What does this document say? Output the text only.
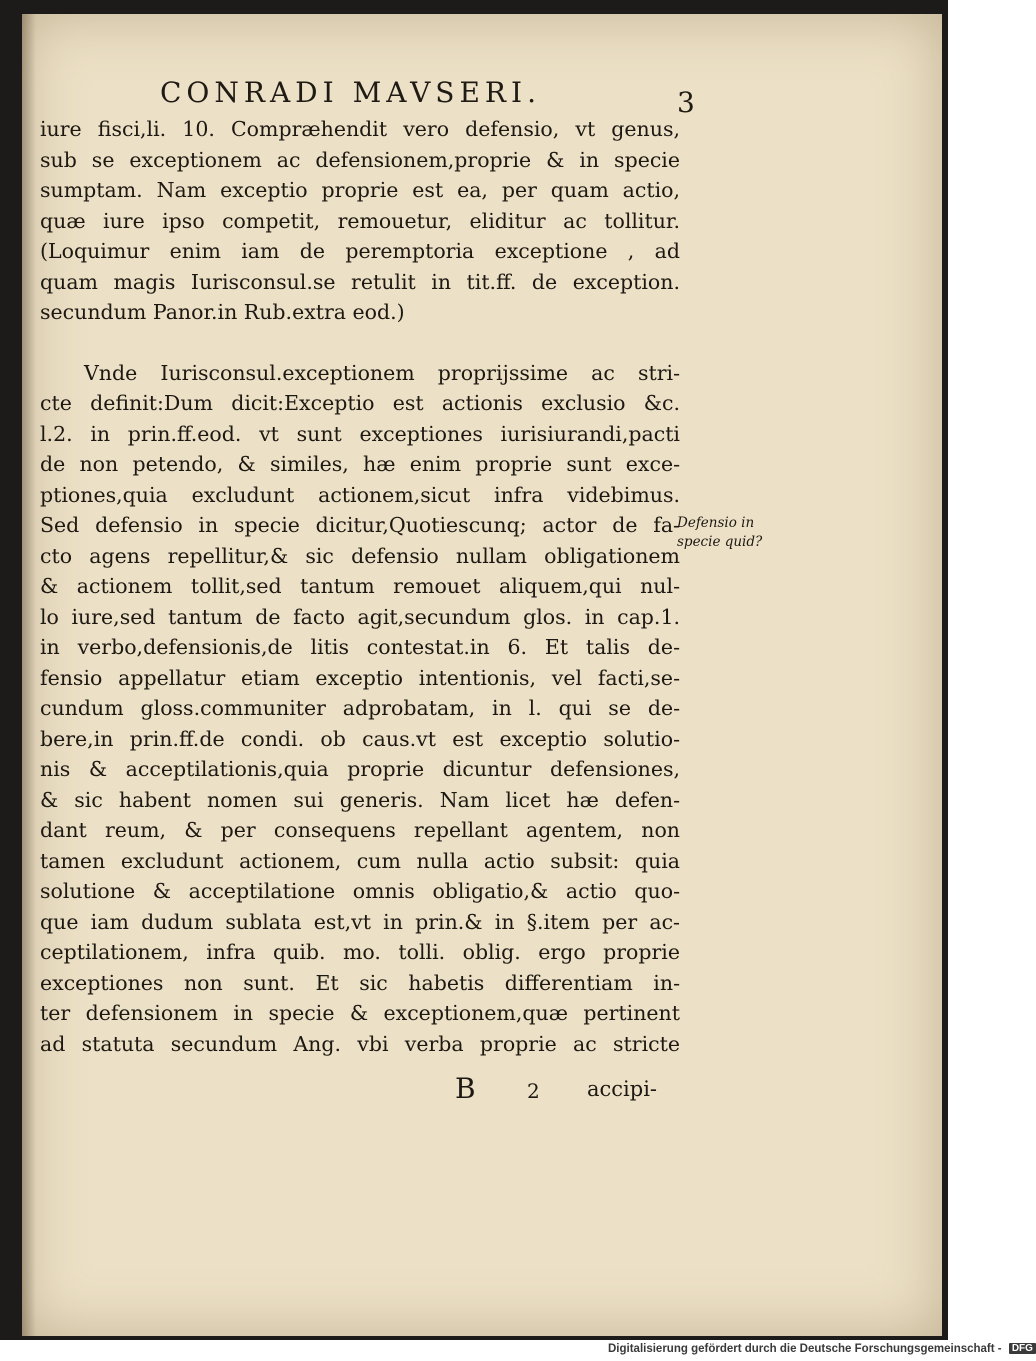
CONRADI MAVSERI.	3
iure fisci,li. 10. Compræhendit vero defensio, vt genus,
sub se exceptionem ac defensionem,proprie & in specie
sumptam. Nam exceptio proprie est ea, per quam actio,
quæ iure ipso competit, remouetur, eliditur ac tollitur.
(Loquimur enim iam de peremptoria exceptione , ad
quam magis Iurisconsul.se retulit in tit.ff. de exception.
secundum Panor.in Rub.extra eod.)
Vnde Iurisconsul.exceptionem proprijssime ac stri-
cte definit:Dum dicit:Exceptio est actionis exclusio &c.
l.2. in prin.ff.eod. vt sunt exceptiones iurisiurandi,pacti
de non petendo, & similes, hæ enim proprie sunt exce-
ptiones,quia excludunt actionem,sicut infra videbimus.
Sed defensio in specie dicitur,Quotiescunq; actor de fa-
cto agens repellitur,& sic defensio nullam obligationem
& actionem tollit,sed tantum remouet aliquem,qui nul-
lo iure,sed tantum de facto agit,secundum glos. in cap.1.
in verbo,defensionis,de litis contestat.in 6. Et talis de-
fensio appellatur etiam exceptio intentionis, vel facti,se-
cundum gloss.communiter adprobatam, in l. qui se de-
bere,in prin.ff.de condi. ob caus.vt est exceptio solutio-
nis & acceptilationis,quia proprie dicuntur defensiones,
& sic habent nomen sui generis. Nam licet hæ defen-
dant reum, & per consequens repellant agentem, non
tamen excludunt actionem, cum nulla actio subsit: quia
solutione & acceptilatione omnis obligatio,& actio quo-
que iam dudum sublata est,vt in prin.& in §.item per ac-
ceptilationem, infra quib. mo. tolli. oblig. ergo proprie
exceptiones non sunt. Et sic habetis differentiam in-
ter defensionem in specie & exceptionem,quæ pertinent
ad statuta secundum Ang. vbi verba proprie ac stricte
Defensio in
specie quid?
B	2 accipi-
Digitalisierung gefördert durch die Deutsche Forschungsgemeinschaft - DFG
